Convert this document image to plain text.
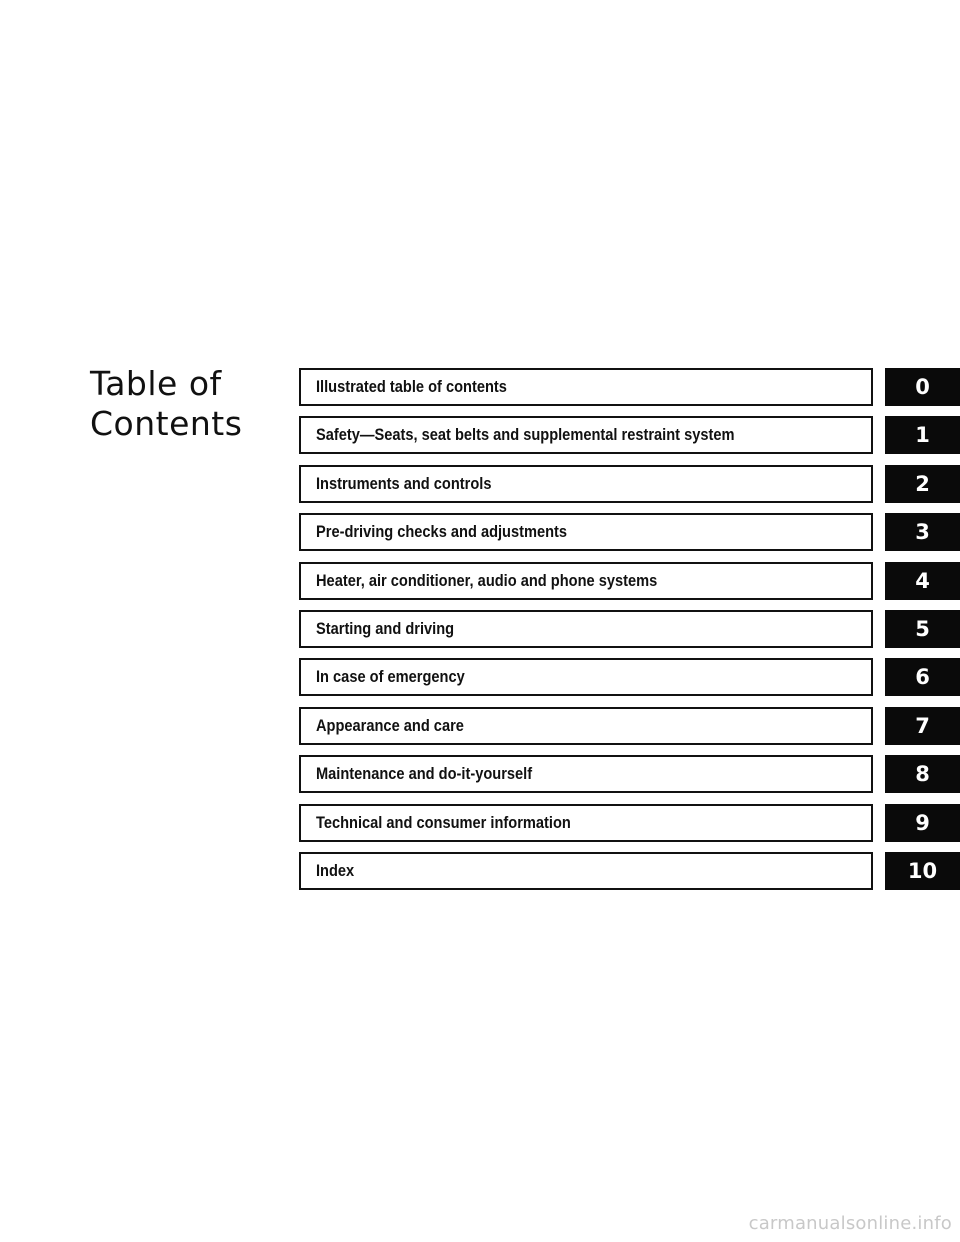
Table of
Contents
Illustrated table of contents	0
Safety—Seats, seat belts and supplemental restraint system	1
Instruments and controls	2
Pre-driving checks and adjustments	3
Heater, air conditioner, audio and phone systems	4
Starting and driving	5
In case of emergency	6
Appearance and care	7
Maintenance and do-it-yourself	8
Technical and consumer information	9
Index	10
carmanualsonline.info
